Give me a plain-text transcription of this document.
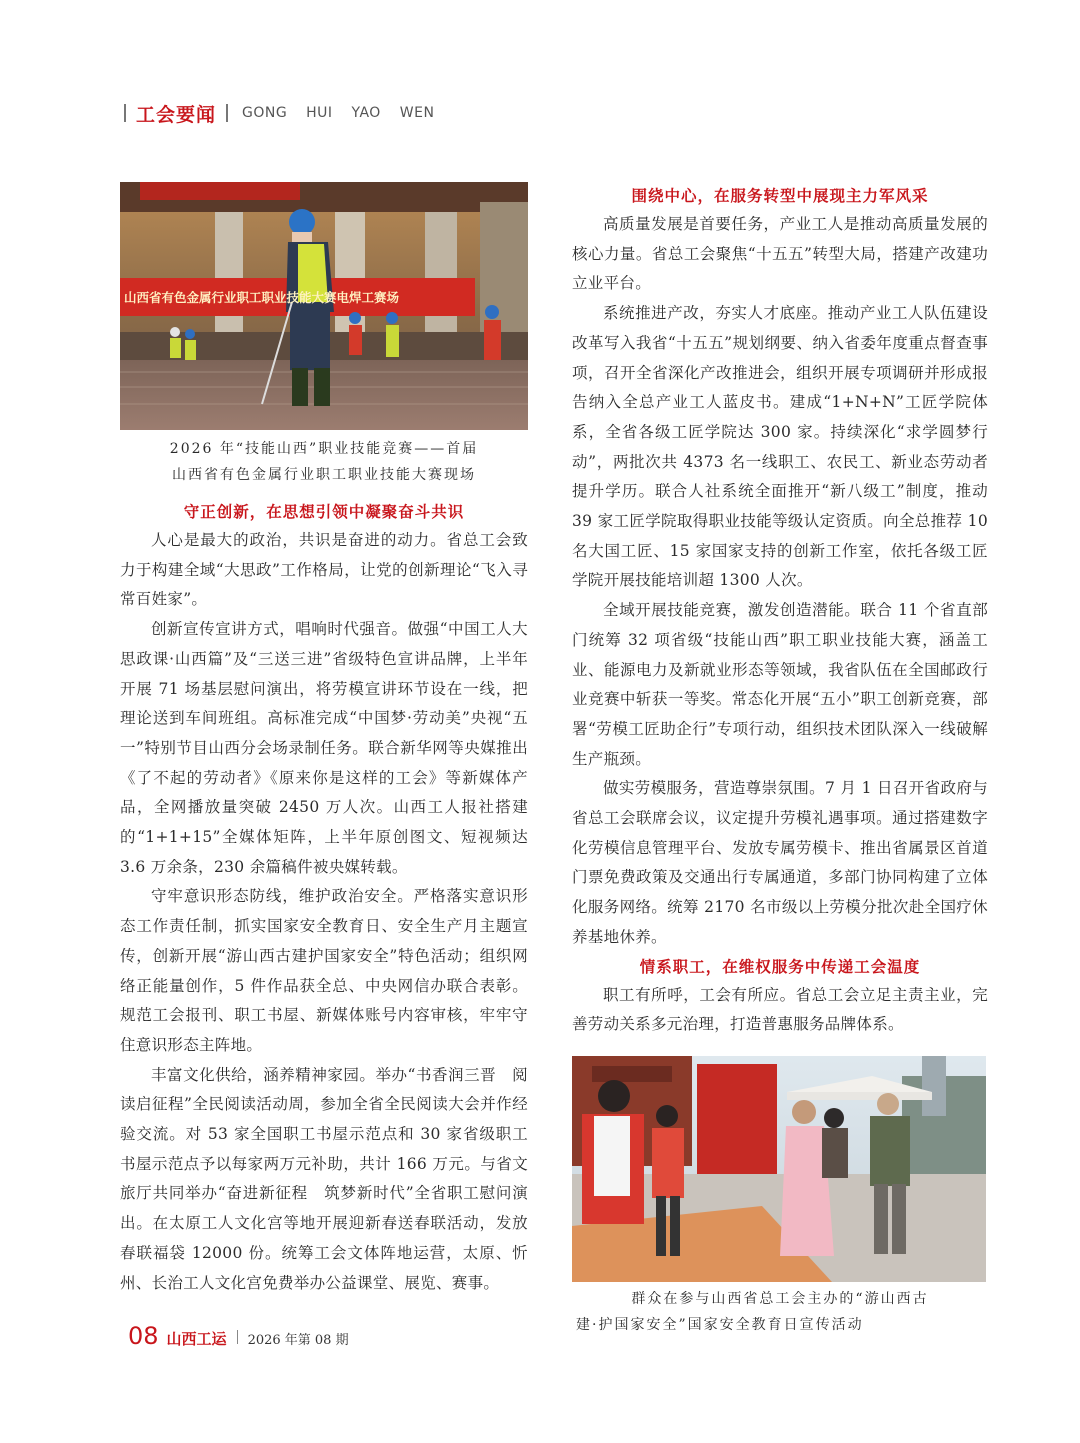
工会要闻 GONG HUI YAO WEN
山西省有色金属行业职工职业技能大赛电焊工赛场
2026 年“技能山西”职业技能竞赛——首届
山西省有色金属行业职工职业技能大赛现场
守正创新，在思想引领中凝聚奋斗共识

人心是最大的政治，共识是奋进的动力。省总工会致力于构建全域“大思政”工作格局，让党的创新理论“飞入寻常百姓家”。

创新宣传宣讲方式，唱响时代强音。做强“中国工人大思政课·山西篇”及“三送三进”省级特色宣讲品牌，上半年开展 71 场基层慰问演出，将劳模宣讲环节设在一线，把理论送到车间班组。高标准完成“中国梦·劳动美”央视“五一”特别节目山西分会场录制任务。联合新华网等央媒推出《了不起的劳动者》《原来你是这样的工会》等新媒体产品，全网播放量突破 2450 万人次。山西工人报社搭建的“1+1+15”全媒体矩阵，上半年原创图文、短视频达 3.6 万余条，230 余篇稿件被央媒转载。

守牢意识形态防线，维护政治安全。严格落实意识形态工作责任制，抓实国家安全教育日、安全生产月主题宣传，创新开展“游山西古建护国家安全”特色活动；组织网络正能量创作，5 件作品获全总、中央网信办联合表彰。规范工会报刊、职工书屋、新媒体账号内容审核，牢牢守住意识形态主阵地。

丰富文化供给，涵养精神家园。举办“书香润三晋　阅读启征程”全民阅读活动周，参加全省全民阅读大会并作经验交流。对 53 家全国职工书屋示范点和 30 家省级职工书屋示范点予以每家两万元补助，共计 166 万元。与省文旅厅共同举办“奋进新征程　筑梦新时代”全省职工慰问演出。在太原工人文化宫等地开展迎新春送春联活动，发放春联福袋 12000 份。统筹工会文体阵地运营，太原、忻州、长治工人文化宫免费举办公益课堂、展览、赛事。

围绕中心，在服务转型中展现主力军风采

高质量发展是首要任务，产业工人是推动高质量发展的核心力量。省总工会聚焦“十五五”转型大局，搭建产改建功立业平台。

系统推进产改，夯实人才底座。推动产业工人队伍建设改革写入我省“十五五”规划纲要、纳入省委年度重点督查事项，召开全省深化产改推进会，组织开展专项调研并形成报告纳入全总产业工人蓝皮书。建成“1+N+N”工匠学院体系，全省各级工匠学院达 300 家。持续深化“求学圆梦行动”，两批次共 4373 名一线职工、农民工、新业态劳动者提升学历。联合人社系统全面推开“新八级工”制度，推动 39 家工匠学院取得职业技能等级认定资质。向全总推荐 10 名大国工匠、15 家国家支持的创新工作室，依托各级工匠学院开展技能培训超 1300 人次。

全域开展技能竞赛，激发创造潜能。联合 11 个省直部门统筹 32 项省级“技能山西”职工职业技能大赛，涵盖工业、能源电力及新就业形态等领域，我省队伍在全国邮政行业竞赛中斩获一等奖。常态化开展“五小”职工创新竞赛，部署“劳模工匠助企行”专项行动，组织技术团队深入一线破解生产瓶颈。

做实劳模服务，营造尊崇氛围。7 月 1 日召开省政府与省总工会联席会议，议定提升劳模礼遇事项。通过搭建数字化劳模信息管理平台、发放专属劳模卡、推出省属景区首道门票免费政策及交通出行专属通道，多部门协同构建了立体化服务网络。统筹 2170 名市级以上劳模分批次赴全国疗休养基地休养。

情系职工，在维权服务中传递工会温度

职工有所呼，工会有所应。省总工会立足主责主业，完善劳动关系多元治理，打造普惠服务品牌体系。

群众在参与山西省总工会主办的“游山西古
建·护国家安全”国家安全教育日宣传活动
08 山西工运 2026 年第 08 期
